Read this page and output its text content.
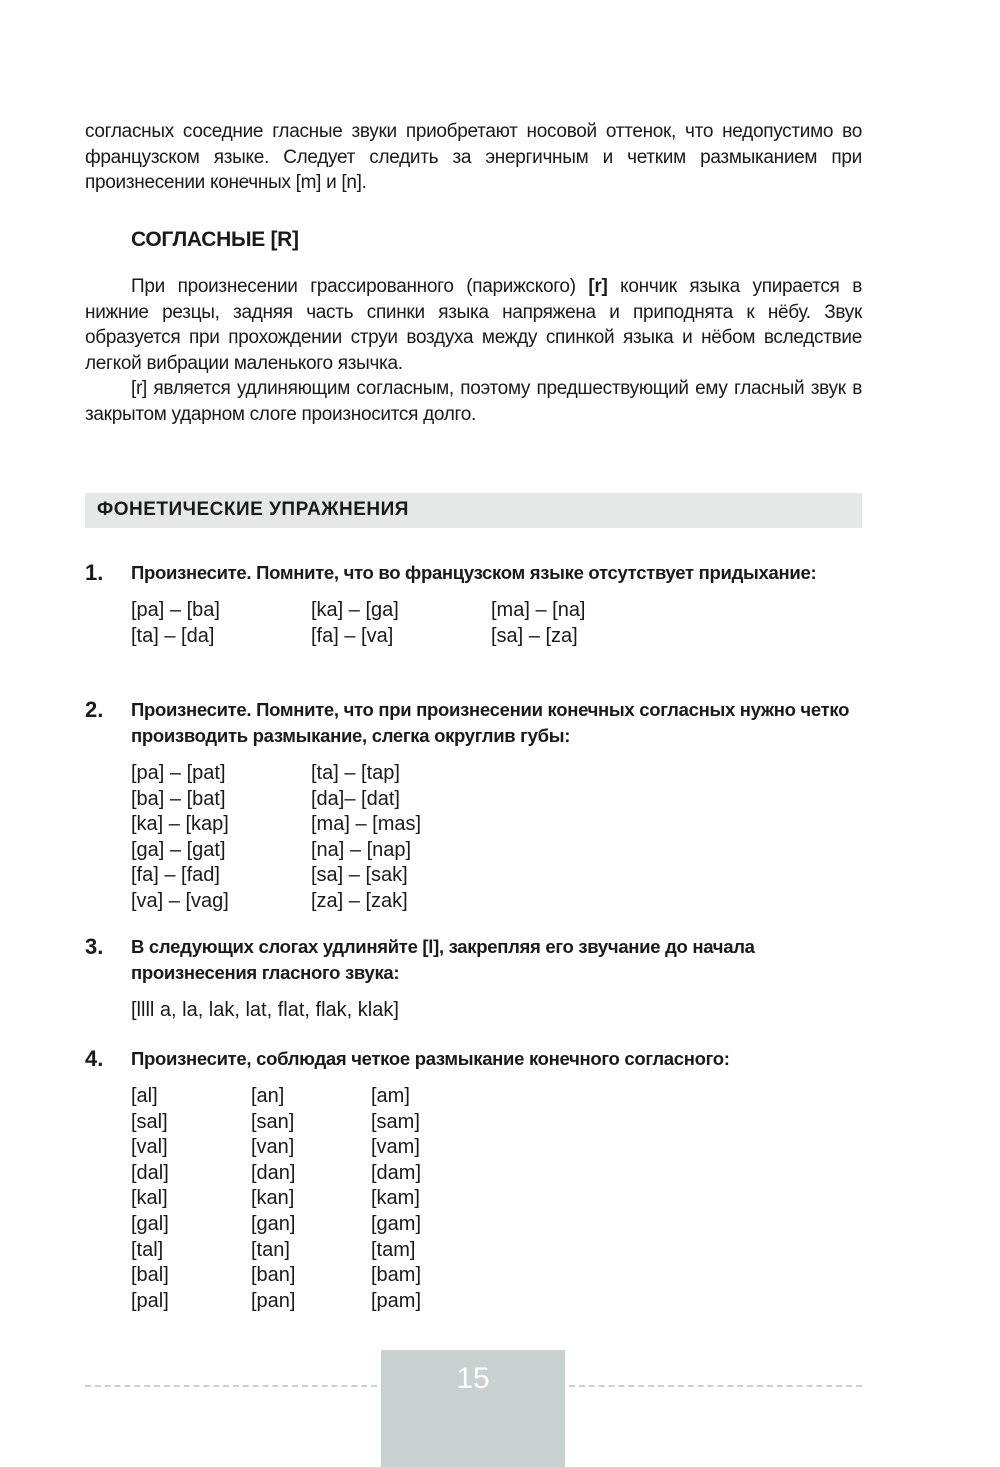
согласных соседние гласные звуки приобретают носовой оттенок, что недопустимо во французском языке. Следует следить за энергичным и четким размыканием при произнесении конечных [m] и [n].

СОГЛАСНЫЕ [R]

При произнесении грассированного (парижского) [r] кончик языка упирается в нижние резцы, задняя часть спинки языка напряжена и приподнята к нёбу. Звук образуется при прохождении струи воздуха между спинкой языка и нёбом вследствие легкой вибрации маленького язычка.

[r] является удлиняющим согласным, поэтому предшествующий ему гласный звук в закрытом ударном слоге произносится долго.

ФОНЕТИЧЕСКИЕ УПРАЖНЕНИЯ
1. Произнесите. Помните, что во французском языке отсутствует придыхание:
[pa] – [ba]	[ka] – [ga]	[ma] – [na]
[ta] – [da]	[fa] – [va]	[sa] – [za]
2. Произнесите. Помните, что при произнесении конечных согласных нужно четко производить размыкание, слегка округлив губы:
[pa] – [pat]	[ta] – [tap]
[ba] – [bat]	[da]– [dat]
[ka] – [kap]	[ma] – [mas]
[ga] – [gat]	[na] – [nap]
[fa] – [fad]	[sa] – [sak]
[va] – [vag]	[za] – [zak]
3. В следующих слогах удлиняйте [l], закрепляя его звучание до начала произнесения гласного звука:
[llll a, la, lak, lat, flat, flak, klak]
4. Произнесите, соблюдая четкое размыкание конечного согласного:
[al]	[an]	[am]
[sal]	[san]	[sam]
[val]	[van]	[vam]
[dal]	[dan]	[dam]
[kal]	[kan]	[kam]
[gal]	[gan]	[gam]
[tal]	[tan]	[tam]
[bal]	[ban]	[bam]
[pal]	[pan]	[pam]
15
